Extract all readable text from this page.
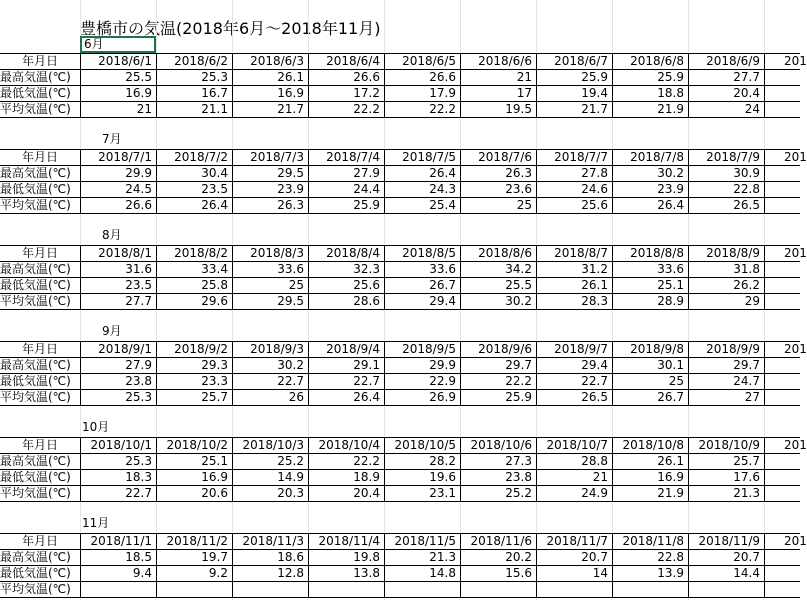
豊橋市の気温(2018年6月～2018年11月)
6月
年月日	2018/6/1	2018/6/2	2018/6/3	2018/6/4	2018/6/5	2018/6/6	2018/6/7	2018/6/8	2018/6/9	201
最高気温(℃)	25.5	25.3	26.1	26.6	26.6	21	25.9	25.9	27.7
最低気温(℃)	16.9	16.7	16.9	17.2	17.9	17	19.4	18.8	20.4
平均気温(℃)	21	21.1	21.7	22.2	22.2	19.5	21.7	21.9	24
7月
年月日	2018/7/1	2018/7/2	2018/7/3	2018/7/4	2018/7/5	2018/7/6	2018/7/7	2018/7/8	2018/7/9	201
最高気温(℃)	29.9	30.4	29.5	27.9	26.4	26.3	27.8	30.2	30.9
最低気温(℃)	24.5	23.5	23.9	24.4	24.3	23.6	24.6	23.9	22.8
平均気温(℃)	26.6	26.4	26.3	25.9	25.4	25	25.6	26.4	26.5
8月
年月日	2018/8/1	2018/8/2	2018/8/3	2018/8/4	2018/8/5	2018/8/6	2018/8/7	2018/8/8	2018/8/9	201
最高気温(℃)	31.6	33.4	33.6	32.3	33.6	34.2	31.2	33.6	31.8
最低気温(℃)	23.5	25.8	25	25.6	26.7	25.5	26.1	25.1	26.2
平均気温(℃)	27.7	29.6	29.5	28.6	29.4	30.2	28.3	28.9	29
9月
年月日	2018/9/1	2018/9/2	2018/9/3	2018/9/4	2018/9/5	2018/9/6	2018/9/7	2018/9/8	2018/9/9	201
最高気温(℃)	27.9	29.3	30.2	29.1	29.9	29.7	29.4	30.1	29.7
最低気温(℃)	23.8	23.3	22.7	22.7	22.9	22.2	22.7	25	24.7
平均気温(℃)	25.3	25.7	26	26.4	26.9	25.9	26.5	26.7	27
10月
年月日	2018/10/1	2018/10/2	2018/10/3	2018/10/4	2018/10/5	2018/10/6	2018/10/7	2018/10/8	2018/10/9	201
最高気温(℃)	25.3	25.1	25.2	22.2	28.2	27.3	28.8	26.1	25.7
最低気温(℃)	18.3	16.9	14.9	18.9	19.6	23.8	21	16.9	17.6
平均気温(℃)	22.7	20.6	20.3	20.4	23.1	25.2	24.9	21.9	21.3
11月
年月日	2018/11/1	2018/11/2	2018/11/3	2018/11/4	2018/11/5	2018/11/6	2018/11/7	2018/11/8	2018/11/9	201
最高気温(℃)	18.5	19.7	18.6	19.8	21.3	20.2	20.7	22.8	20.7
最低気温(℃)	9.4	9.2	12.8	13.8	14.8	15.6	14	13.9	14.4
平均気温(℃)
